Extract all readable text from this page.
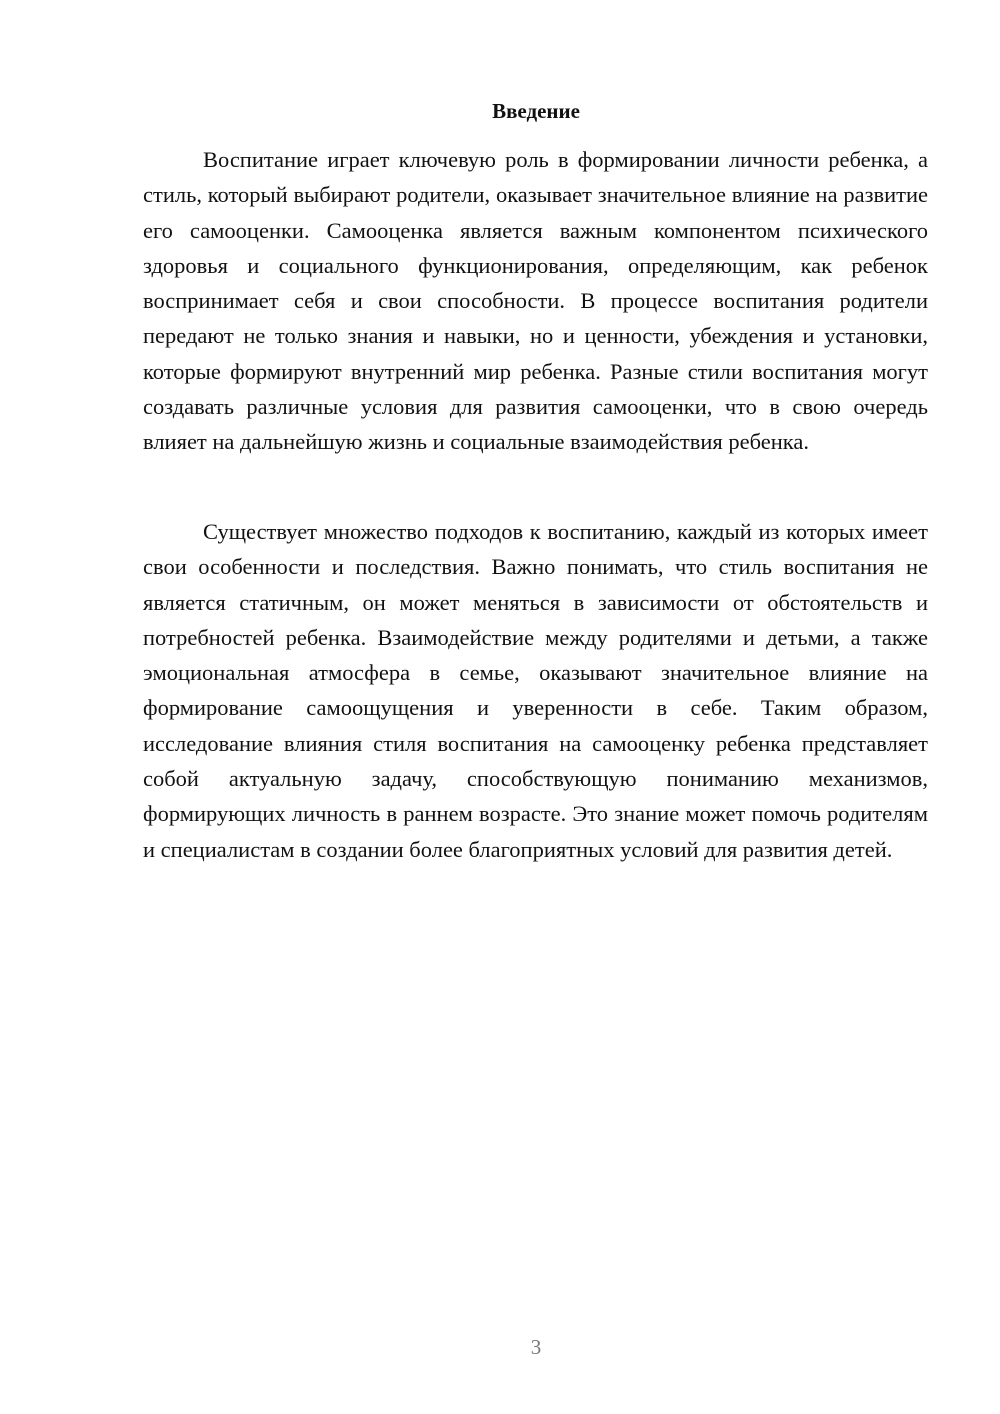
Введение

Воспитание играет ключевую роль в формировании личности ребенка, а стиль, который выбирают родители, оказывает значительное влияние на развитие его самооценки. Самооценка является важным компонентом психического здоровья и социального функционирования, определяющим, как ребенок воспринимает себя и свои способности. В процессе воспитания родители передают не только знания и навыки, но и ценности, убеждения и установки, которые формируют внутренний мир ребенка. Разные стили воспитания могут создавать различные условия для развития самооценки, что в свою очередь влияет на дальнейшую жизнь и социальные взаимодействия ребенка.

Существует множество подходов к воспитанию, каждый из которых имеет свои особенности и последствия. Важно понимать, что стиль воспитания не является статичным, он может меняться в зависимости от обстоятельств и потребностей ребенка. Взаимодействие между родителями и детьми, а также эмоциональная атмосфера в семье, оказывают значительное влияние на формирование самоощущения и уверенности в себе. Таким образом, исследование влияния стиля воспитания на самооценку ребенка представляет собой актуальную задачу, способствующую пониманию механизмов, формирующих личность в раннем возрасте. Это знание может помочь родителям и специалистам в создании более благоприятных условий для развития детей.

3
